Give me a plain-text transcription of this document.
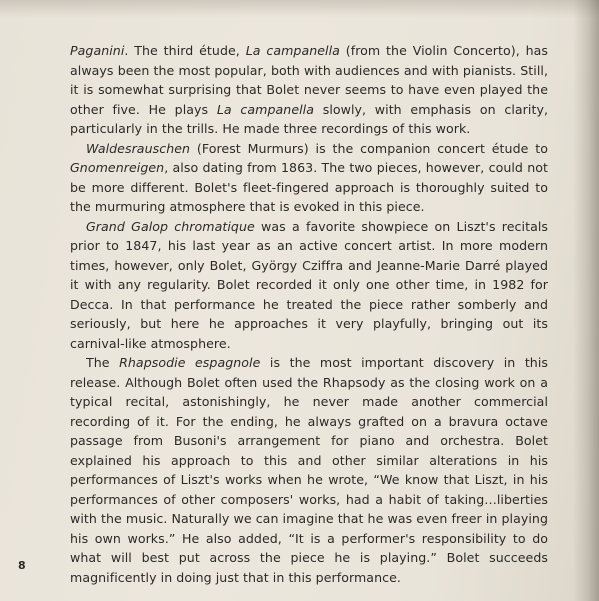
Paganini. The third étude, La campanella (from the Violin Concerto), has always been the most popular, both with audiences and with pianists. Still, it is somewhat surprising that Bolet never seems to have even played the other five. He plays La campanella slowly, with emphasis on clarity, particularly in the trills. He made three recordings of this work.

Waldesrauschen (Forest Murmurs) is the companion concert étude to Gnomenreigen, also dating from 1863. The two pieces, however, could not be more different. Bolet's fleet-fingered approach is thoroughly suited to the murmuring atmosphere that is evoked in this piece.

Grand Galop chromatique was a favorite showpiece on Liszt's recitals prior to 1847, his last year as an active concert artist. In more modern times, however, only Bolet, György Cziffra and Jeanne-Marie Darré played it with any regularity. Bolet recorded it only one other time, in 1982 for Decca. In that performance he treated the piece rather somberly and seriously, but here he approaches it very playfully, bringing out its carnival-like atmosphere.

The Rhapsodie espagnole is the most important discovery in this release. Although Bolet often used the Rhapsody as the closing work on a typical recital, astonishingly, he never made another commercial recording of it. For the ending, he always grafted on a bravura octave passage from Busoni's arrangement for piano and orchestra. Bolet explained his approach to this and other similar alterations in his performances of Liszt's works when he wrote, “We know that Liszt, in his performances of other composers' works, had a habit of taking…liberties with the music. Naturally we can imagine that he was even freer in playing his own works.” He also added, “It is a performer's responsibility to do what will best put across the piece he is playing.” Bolet succeeds magnificently in doing just that in this performance.

8
